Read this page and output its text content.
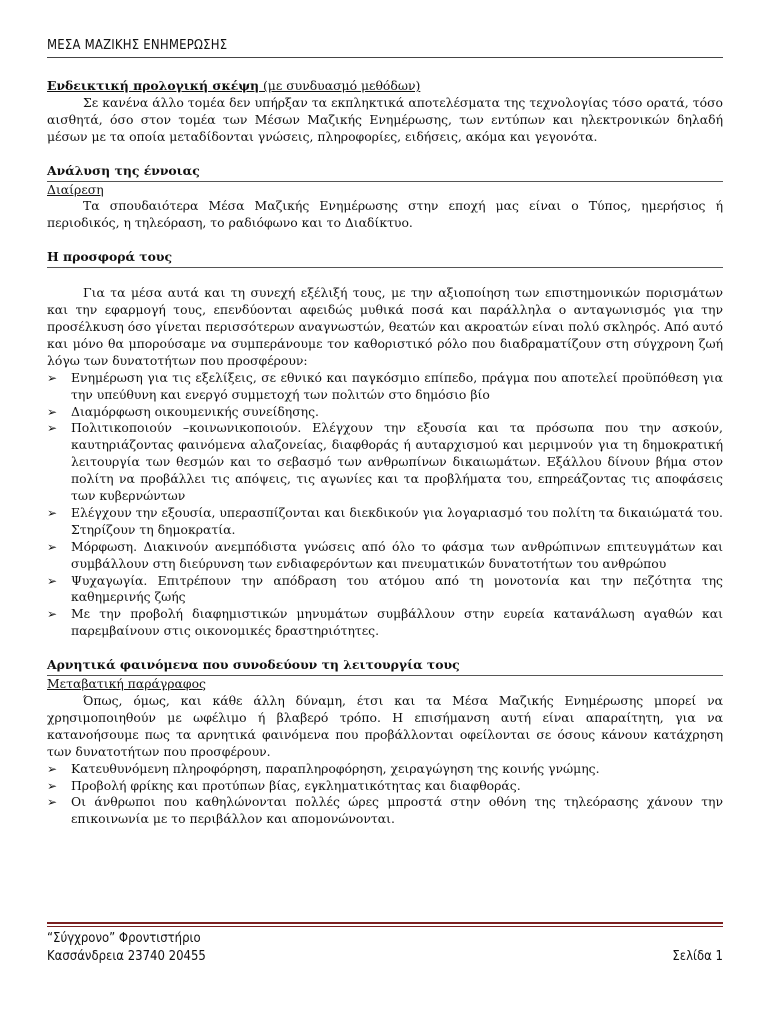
ΜΕΣΑ ΜΑΖΙΚΗΣ ΕΝΗΜΕΡΩΣΗΣ

Ενδεικτική προλογική σκέψη (με συνδυασμό μεθόδων)

Σε κανένα άλλο τομέα δεν υπήρξαν τα εκπληκτικά αποτελέσματα της τεχνολογίας τόσο ορατά, τόσο αισθητά, όσο στον τομέα των Μέσων Μαζικής Ενημέρωσης, των εντύπων και ηλεκτρονικών δηλαδή μέσων με τα οποία μεταδίδονται γνώσεις, πληροφορίες, ειδήσεις, ακόμα και γεγονότα.

Ανάλυση της έννοιας

Διαίρεση

Τα σπουδαιότερα Μέσα Μαζικής Ενημέρωσης στην εποχή μας είναι ο Τύπος, ημερήσιος ή περιοδικός, η τηλεόραση, το ραδιόφωνο και το Διαδίκτυο.

Η προσφορά τους

Για τα μέσα αυτά και τη συνεχή εξέλιξή τους, με την αξιοποίηση των επιστημονικών πορισμάτων και την εφαρμογή τους, επενδύονται αφειδώς μυθικά ποσά και παράλληλα ο ανταγωνισμός για την προσέλκυση όσο γίνεται περισσότερων αναγνωστών, θεατών και ακροατών είναι πολύ σκληρός. Από αυτό και μόνο θα μπορούσαμε να συμπεράνουμε τον καθοριστικό ρόλο που διαδραματίζουν στη σύγχρονη ζωή λόγω των δυνατοτήτων που προσφέρουν:

➢ Ενημέρωση για τις εξελίξεις, σε εθνικό και παγκόσμιο επίπεδο, πράγμα που αποτελεί προϋπόθεση για την υπεύθυνη και ενεργό συμμετοχή των πολιτών στο δημόσιο βίο
➢ Διαμόρφωση οικουμενικής συνείδησης.
➢ Πολιτικοποιούν –κοινωνικοποιούν. Ελέγχουν την εξουσία και τα πρόσωπα που την ασκούν, καυτηριάζοντας φαινόμενα αλαζονείας, διαφθοράς ή αυταρχισμού και μεριμνούν για τη δημοκρατική λειτουργία των θεσμών και το σεβασμό των ανθρωπίνων δικαιωμάτων. Εξάλλου δίνουν βήμα στον πολίτη να προβάλλει τις απόψεις, τις αγωνίες και τα προβλήματα του, επηρεάζοντας τις αποφάσεις των κυβερνώντων
➢ Ελέγχουν την εξουσία, υπερασπίζονται και διεκδικούν για λογαριασμό του πολίτη τα δικαιώματά του. Στηρίζουν τη δημοκρατία.
➢ Μόρφωση. Διακινούν ανεμπόδιστα γνώσεις από όλο το φάσμα των ανθρώπινων επιτευγμάτων και συμβάλλουν στη διεύρυνση των ενδιαφερόντων και πνευματικών δυνατοτήτων του ανθρώπου
➢ Ψυχαγωγία. Επιτρέπουν την απόδραση του ατόμου από τη μονοτονία και την πεζότητα της καθημερινής ζωής
➢ Με την προβολή διαφημιστικών μηνυμάτων συμβάλλουν στην ευρεία κατανάλωση αγαθών και παρεμβαίνουν στις οικονομικές δραστηριότητες.
Αρνητικά φαινόμενα που συνοδεύουν τη λειτουργία τους

Μεταβατική παράγραφος

Όπως, όμως, και κάθε άλλη δύναμη, έτσι και τα Μέσα Μαζικής Ενημέρωσης μπορεί να χρησιμοποιηθούν με ωφέλιμο ή βλαβερό τρόπο. Η επισήμανση αυτή είναι απαραίτητη, για να κατανοήσουμε πως τα αρνητικά φαινόμενα που προβάλλονται οφείλονται σε όσους κάνουν κατάχρηση των δυνατοτήτων που προσφέρουν.

➢ Κατευθυνόμενη πληροφόρηση, παραπληροφόρηση, χειραγώγηση της κοινής γνώμης.
➢ Προβολή φρίκης και προτύπων βίας, εγκληματικότητας και διαφθοράς.
➢ Οι άνθρωποι που καθηλώνονται πολλές ώρες μπροστά στην οθόνη της τηλεόρασης χάνουν την επικοινωνία με το περιβάλλον και απομονώνονται.
“Σύγχρονο” Φροντιστήριο
Κασσάνδρεια 23740 20455	Σελίδα 1
